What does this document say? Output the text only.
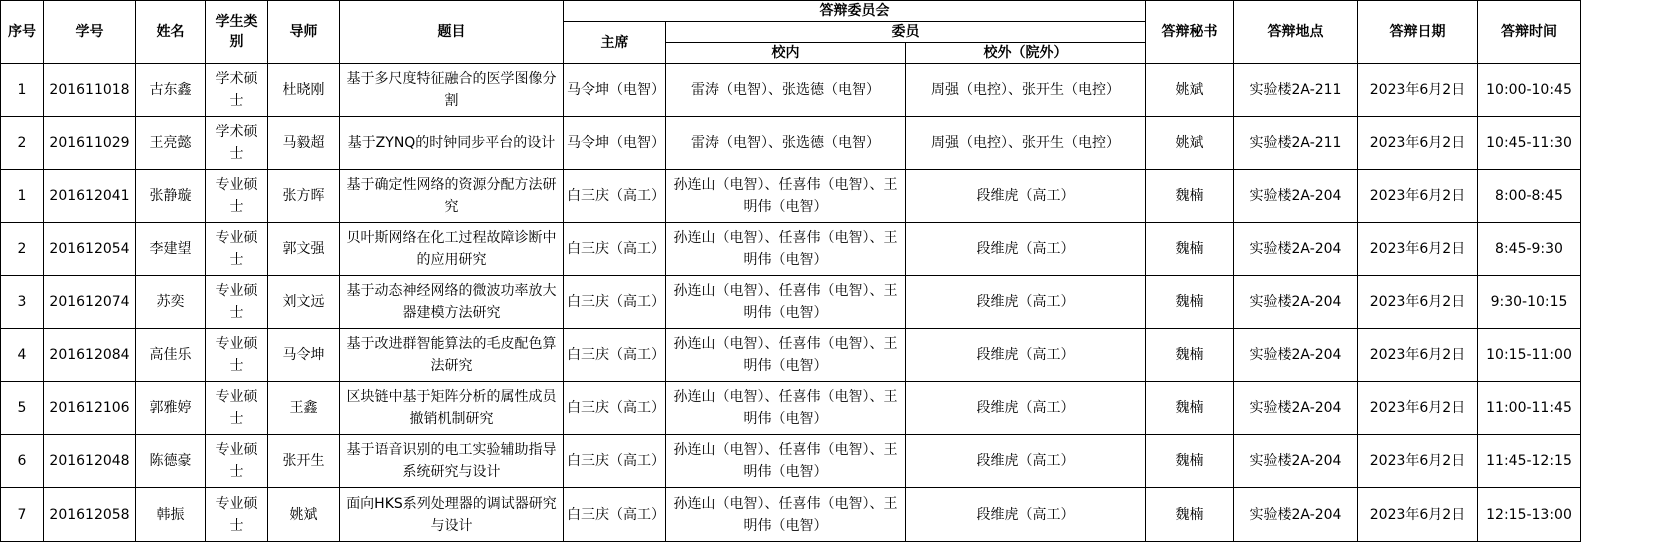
序号	学号	姓名	学生类别	导师	题目	答辩委员会			答辩秘书	答辩地点	答辩日期	答辩时间
						主席	委员					
							校内	校外（院外）				
1	201611018	古东鑫	学术硕士	杜晓刚	基于多尺度特征融合的医学图像分割	马令坤（电智）	雷涛（电智）、张选德（电智）	周强（电控）、张开生（电控）	姚斌	实验楼2A-211	2023年6月2日	10:00-10:45
2	201611029	王亮懿	学术硕士	马毅超	基于ZYNQ的时钟同步平台的设计	马令坤（电智）	雷涛（电智）、张选德（电智）	周强（电控）、张开生（电控）	姚斌	实验楼2A-211	2023年6月2日	10:45-11:30
1	201612041	张静璇	专业硕士	张方晖	基于确定性网络的资源分配方法研究	白三庆（高工）	孙连山（电智）、任喜伟（电智）、王明伟（电智）	段维虎（高工）	魏楠	实验楼2A-204	2023年6月2日	8:00-8:45
2	201612054	李建望	专业硕士	郭文强	贝叶斯网络在化工过程故障诊断中的应用研究	白三庆（高工）	孙连山（电智）、任喜伟（电智）、王明伟（电智）	段维虎（高工）	魏楠	实验楼2A-204	2023年6月2日	8:45-9:30
3	201612074	苏奕	专业硕士	刘文远	基于动态神经网络的微波功率放大器建模方法研究	白三庆（高工）	孙连山（电智）、任喜伟（电智）、王明伟（电智）	段维虎（高工）	魏楠	实验楼2A-204	2023年6月2日	9:30-10:15
4	201612084	高佳乐	专业硕士	马令坤	基于改进群智能算法的毛皮配色算法研究	白三庆（高工）	孙连山（电智）、任喜伟（电智）、王明伟（电智）	段维虎（高工）	魏楠	实验楼2A-204	2023年6月2日	10:15-11:00
5	201612106	郭雅婷	专业硕士	王鑫	区块链中基于矩阵分析的属性成员撤销机制研究	白三庆（高工）	孙连山（电智）、任喜伟（电智）、王明伟（电智）	段维虎（高工）	魏楠	实验楼2A-204	2023年6月2日	11:00-11:45
6	201612048	陈德豪	专业硕士	张开生	基于语音识别的电工实验辅助指导系统研究与设计	白三庆（高工）	孙连山（电智）、任喜伟（电智）、王明伟（电智）	段维虎（高工）	魏楠	实验楼2A-204	2023年6月2日	11:45-12:15
7	201612058	韩振	专业硕士	姚斌	面向HKS系列处理器的调试器研究与设计	白三庆（高工）	孙连山（电智）、任喜伟（电智）、王明伟（电智）	段维虎（高工）	魏楠	实验楼2A-204	2023年6月2日	12:15-13:00
